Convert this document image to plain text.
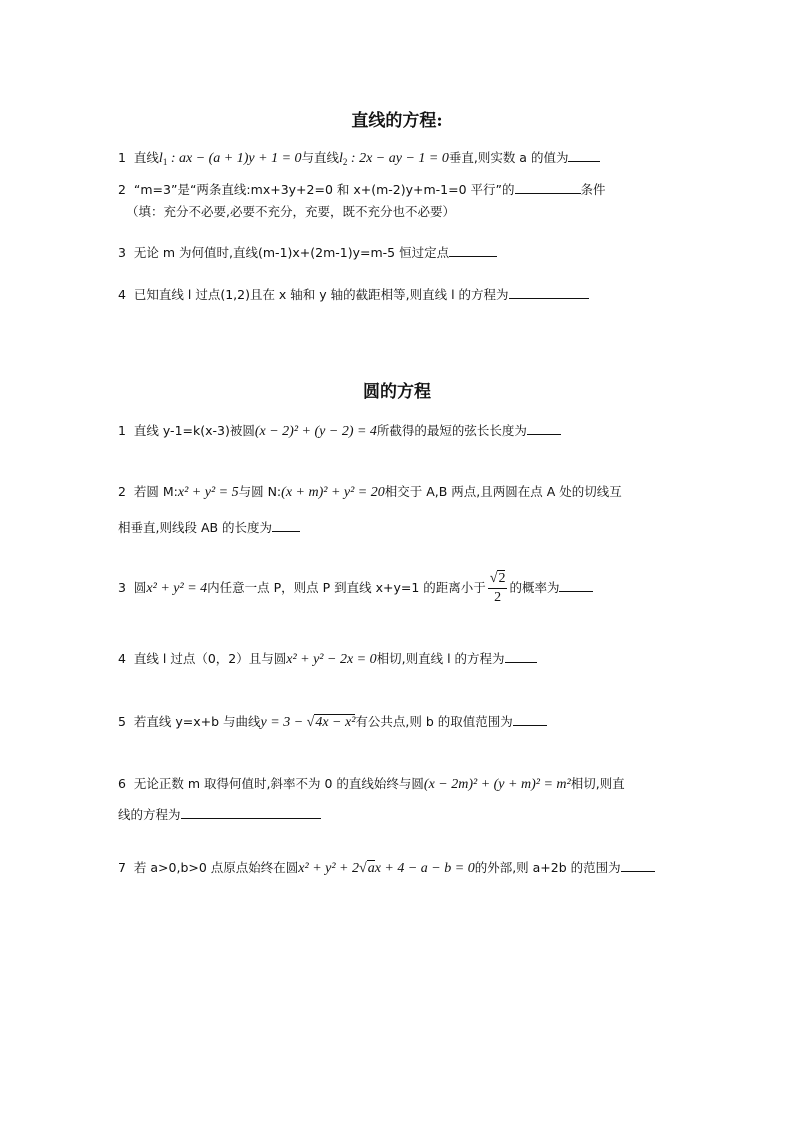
直线的方程:
1 直线$l_1$ : ax − (a + 1)y + 1 = 0与直线$l_2$ : 2x − ay − 1 = 0垂直,则实数 a 的值为
2 “m=3”是“两条直线:mx+3y+2=0 和 x+(m-2)y+m-1=0 平行”的	条件
（填：充分不必要,必要不充分，充要，既不充分也不必要）
3 无论 m 为何值时,直线(m-1)x+(2m-1)y=m-5 恒过定点
4 已知直线 l 过点(1,2)且在 x 轴和 y 轴的截距相等,则直线 l 的方程为
圆的方程
1 直线 y-1=k(x-3)被圆(x − 2)² + (y − 2) = 4所截得的最短的弦长长度为
2 若圆 M:x² + y² = 5与圆 N:(x + m)² + y² = 20相交于 A,B 两点,且两圆在点 A 处的切线互
相垂直,则线段 AB 的长度为
3 圆x² + y² = 4内任意一点 P，则点 P 到直线 x+y=1 的距离小于 $\frac{√2}{2}$ 的概率为
4 直线 l 过点（0，2）且与圆x² + y² − 2x = 0相切,则直线 l 的方程为
5 若直线 y=x+b 与曲线y = 3 − √4x − x²有公共点,则 b 的取值范围为
6 无论正数 m 取得何值时,斜率不为 0 的直线始终与圆(x − 2m)² + (y + m)² = m²相切,则直
线的方程为
7 若 a>0,b>0 点原点始终在圆x² + y² + 2√ax + 4 − a − b = 0的外部,则 a+2b 的范围为
